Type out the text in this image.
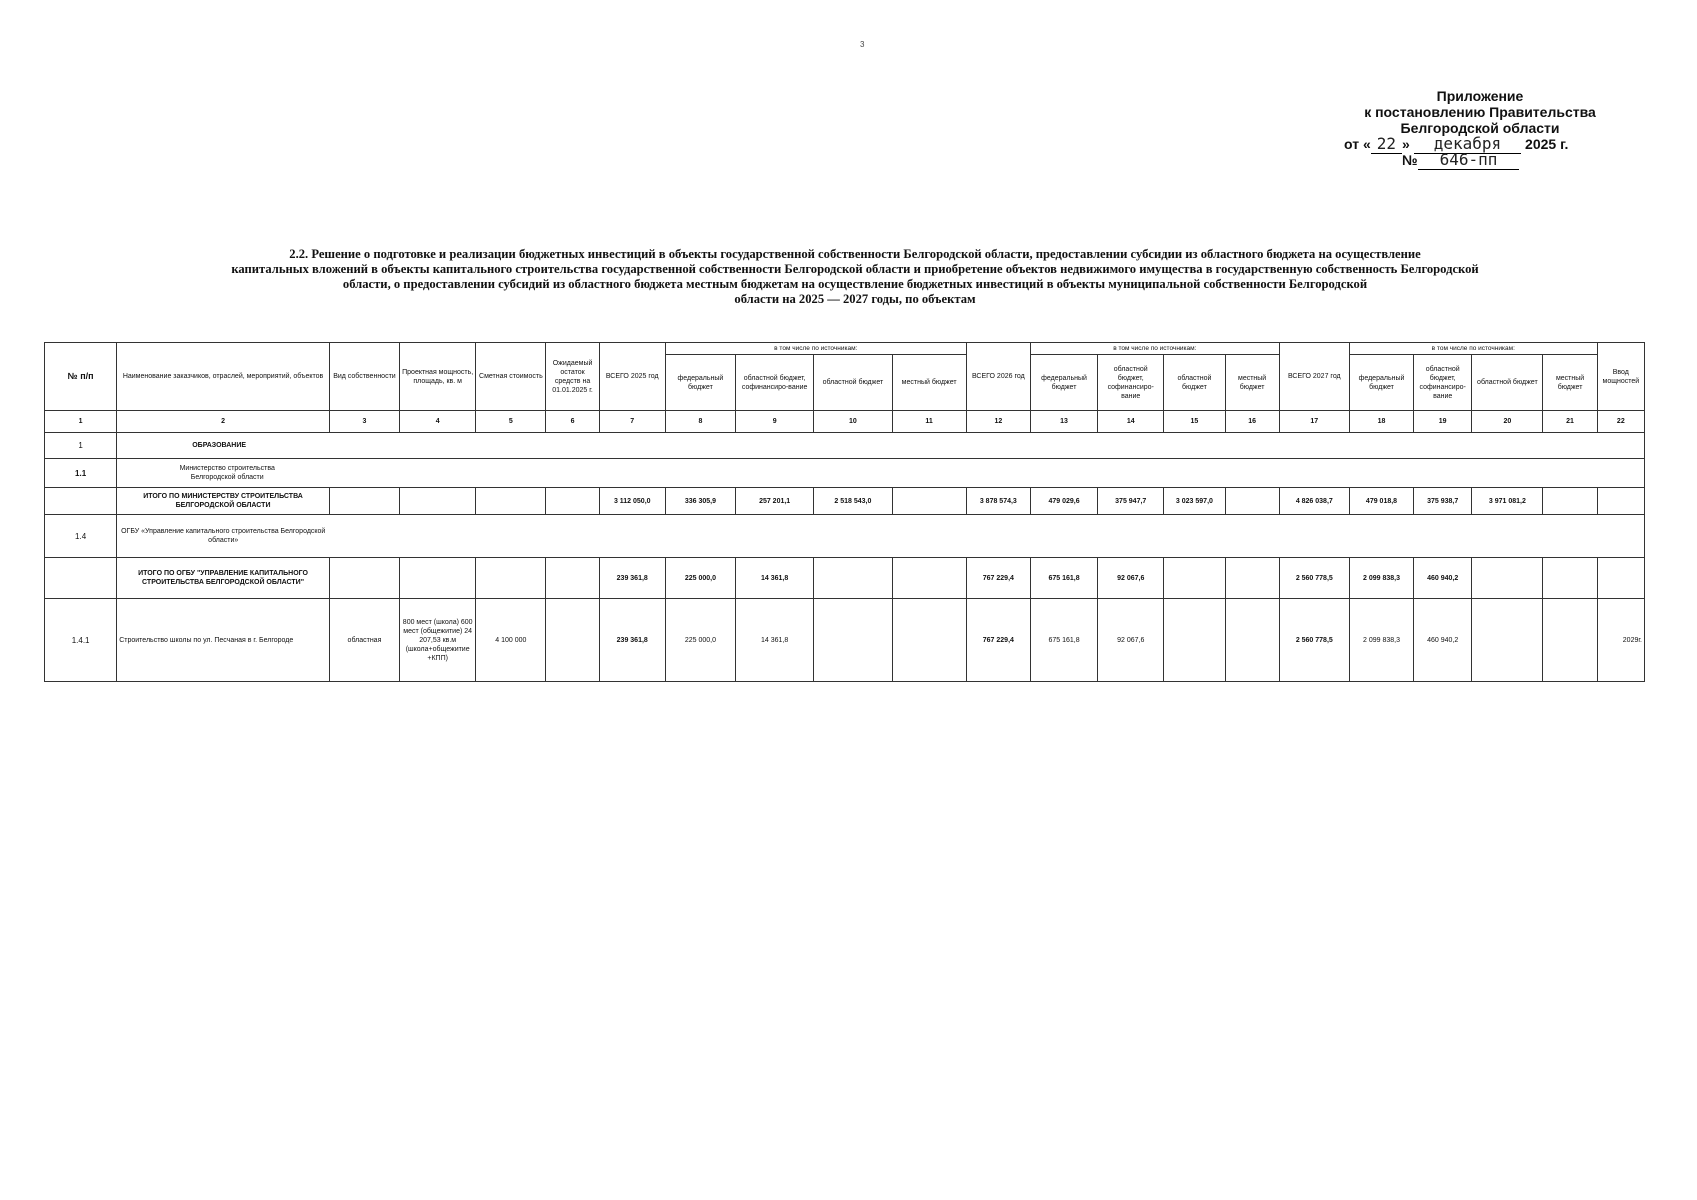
3
Приложение
к постановлению Правительства
Белгородской области
от « 22 » декабря 2025 г.
№ 646-пп
2.2. Решение о подготовке и реализации бюджетных инвестиций в объекты государственной собственности Белгородской области, предоставлении субсидии из областного бюджета на осуществление
капитальных вложений в объекты капитального строительства государственной собственности Белгородской области и приобретение объектов недвижимого имущества в государственную собственность Белгородской
области, о предоставлении субсидий из областного бюджета местным бюджетам на осуществление бюджетных инвестиций в объекты муниципальной собственности Белгородской
области на 2025 — 2027 годы, по объектам
№ п/п	Наименование заказчиков, отраслей, мероприятий, объектов	Вид собственности	Проектная мощность, площадь, кв. м	Сметная стоимость	Ожидаемый остаток средств на 01.01.2025 г.	ВСЕГО 2025 год	в том числе по источникам:				ВСЕГО 2026 год	в том числе по источникам:				ВСЕГО 2027 год	в том числе по источникам:				Ввод мощностей
							федеральный бюджет	областной бюджет, софинансиро-вание	областной бюджет	местный бюджет		федеральный бюджет	областной бюджет, софинансиро-вание	областной бюджет	местный бюджет		федеральный бюджет	областной бюджет, софинансиро-вание	областной бюджет	местный бюджет	
1	2	3	4	5	6	7	8	9	10	11	12	13	14	15	16	17	18	19	20	21	22
1	ОБРАЗОВАНИЕ																				
1.1	Министерство строительства Белгородской области																				
	ИТОГО ПО МИНИСТЕРСТВУ СТРОИТЕЛЬСТВА БЕЛГОРОДСКОЙ ОБЛАСТИ					3 112 050,0	336 305,9	257 201,1	2 518 543,0		3 878 574,3	479 029,6	375 947,7	3 023 597,0		4 826 038,7	479 018,8	375 938,7	3 971 081,2		
1.4	ОГБУ «Управление капитального строительства Белгородской области»																				
	ИТОГО ПО ОГБУ "УПРАВЛЕНИЕ КАПИТАЛЬНОГО СТРОИТЕЛЬСТВА БЕЛГОРОДСКОЙ ОБЛАСТИ"					239 361,8	225 000,0	14 361,8			767 229,4	675 161,8	92 067,6			2 560 778,5	2 099 838,3	460 940,2			
1.4.1	Строительство школы по ул. Песчаная в г. Белгороде	областная	800 мест (школа) 600 мест (общежитие) 24 207,53 кв.м (школа+общежитие +КПП)	4 100 000		239 361,8	225 000,0	14 361,8			767 229,4	675 161,8	92 067,6			2 560 778,5	2 099 838,3	460 940,2			2029г.
